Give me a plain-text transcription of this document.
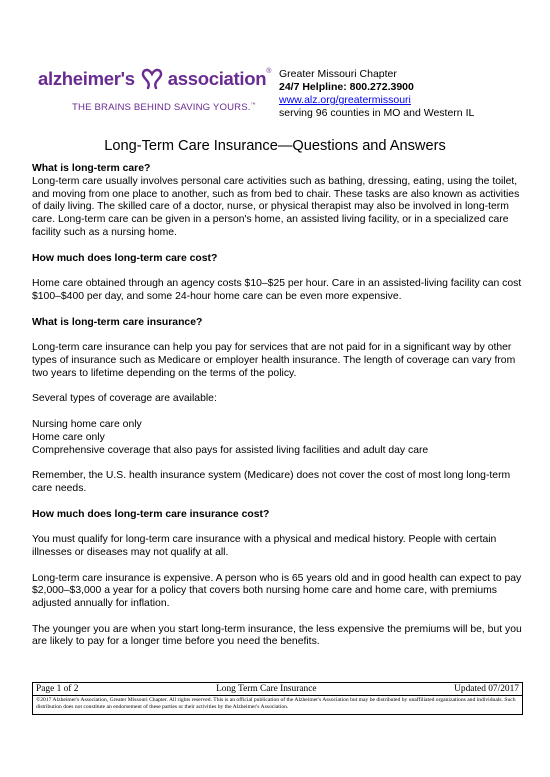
alzheimer's association ®
THE BRAINS BEHIND SAVING YOURS.™
Greater Missouri Chapter
24/7 Helpline: 800.272.3900
www.alz.org/greatermissouri
serving 96 counties in MO and Western IL
Long-Term Care Insurance—Questions and Answers
What is long-term care?

Long-term care usually involves personal care activities such as bathing, dressing, eating, using the toilet, and moving from one place to another, such as from bed to chair. These tasks are also known as activities of daily living. The skilled care of a doctor, nurse, or physical therapist may also be involved in long-term care. Long-term care can be given in a person's home, an assisted living facility, or in a specialized care facility such as a nursing home.

How much does long-term care cost?

Home care obtained through an agency costs $10–$25 per hour. Care in an assisted-living facility can cost $100–$400 per day, and some 24-hour home care can be even more expensive.

What is long-term care insurance?

Long-term care insurance can help you pay for services that are not paid for in a significant way by other types of insurance such as Medicare or employer health insurance. The length of coverage can vary from two years to lifetime depending on the terms of the policy.

Several types of coverage are available:

Nursing home care only

Home care only

Comprehensive coverage that also pays for assisted living facilities and adult day care

Remember, the U.S. health insurance system (Medicare) does not cover the cost of most long long-term care needs.

How much does long-term care insurance cost?

You must qualify for long-term care insurance with a physical and medical history. People with certain illnesses or diseases may not qualify at all.

Long-term care insurance is expensive. A person who is 65 years old and in good health can expect to pay $2,000–$3,000 a year for a policy that covers both nursing home care and home care, with premiums adjusted annually for inflation.

The younger you are when you start long-term insurance, the less expensive the premiums will be, but you are likely to pay for a longer time before you need the benefits.

Page 1 of 2	Long Term Care Insurance	Updated 07/2017
©2017 Alzheimer's Association, Greater Missouri Chapter. All rights reserved. This is an official publication of the Alzheimer's Association but may be distributed by unaffiliated organizations and individuals. Such distribution does not constitute an endorsement of these parties or their activities by the Alzheimer's Association.
